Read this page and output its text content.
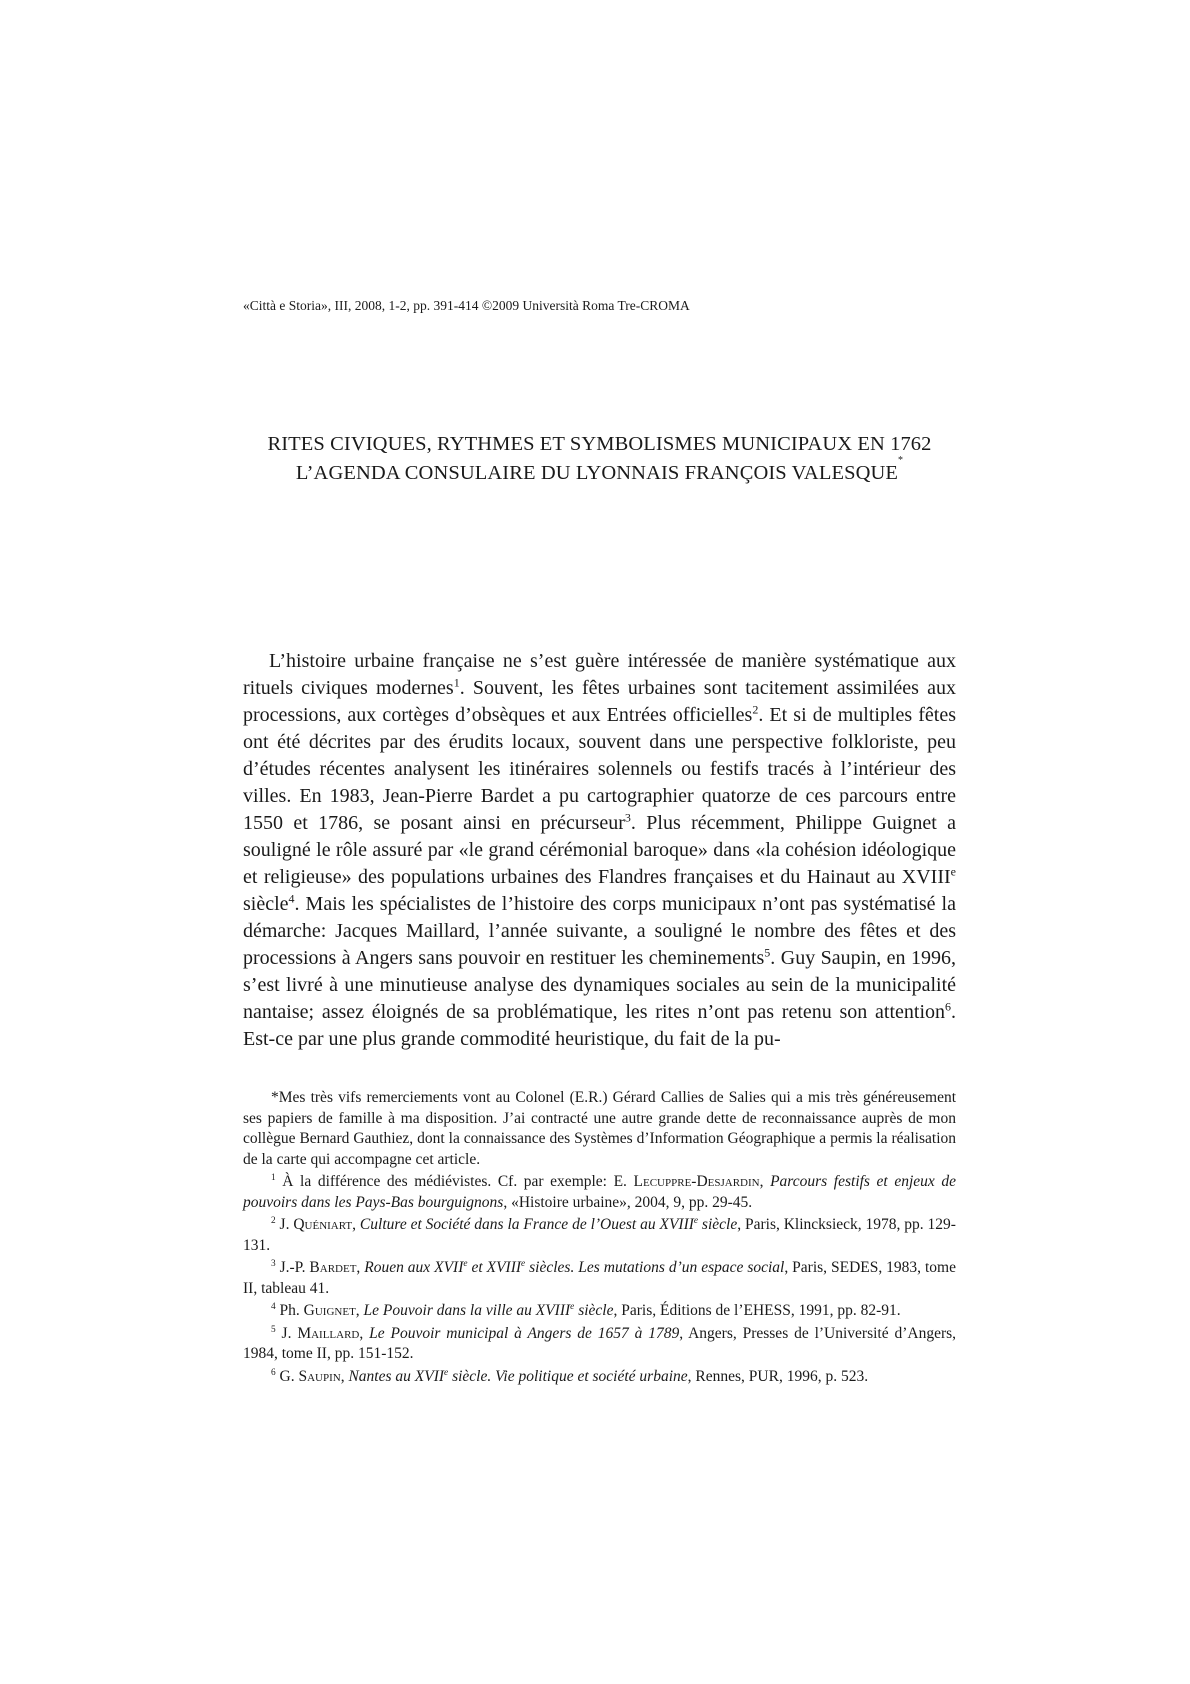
«Città e Storia», III, 2008, 1-2, pp. 391-414 ©2009 Università Roma Tre-CROMA
RITES CIVIQUES, RYTHMES ET SYMBOLISMES MUNICIPAUX EN 1762
L’AGENDA CONSULAIRE DU LYONNAIS FRANÇOIS VALESQUE*

L’histoire urbaine française ne s’est guère intéressée de manière systématique aux rituels civiques modernes$^1$. Souvent, les fêtes urbaines sont tacitement assimilées aux processions, aux cortèges d’obsèques et aux Entrées officielles$^2$. Et si de multiples fêtes ont été décrites par des érudits locaux, souvent dans une perspective folkloriste, peu d’études récentes analysent les itinéraires solennels ou festifs tracés à l’intérieur des villes. En 1983, Jean-Pierre Bardet a pu cartographier quatorze de ces parcours entre 1550 et 1786, se posant ainsi en précurseur$^3$. Plus récemment, Philippe Guignet a souligné le rôle assuré par «le grand cérémonial baroque» dans «la cohésion idéologique et religieuse» des populations urbaines des Flandres françaises et du Hainaut au XVIIIe siècle$^4$. Mais les spécialistes de l’histoire des corps municipaux n’ont pas systématisé la démarche: Jacques Maillard, l’année suivante, a souligné le nombre des fêtes et des processions à Angers sans pouvoir en restituer les cheminements$^5$. Guy Saupin, en 1996, s’est livré à une minutieuse analyse des dynamiques sociales au sein de la municipalité nantaise; assez éloignés de sa problématique, les rites n’ont pas retenu son attention$^6$. Est-ce par une plus grande commodité heuristique, du fait de la pu-

*Mes très vifs remerciements vont au Colonel (E.R.) Gérard Callies de Salies qui a mis très généreusement ses papiers de famille à ma disposition. J’ai contracté une autre grande dette de reconnaissance auprès de mon collègue Bernard Gauthiez, dont la connaissance des Systèmes d’Information Géographique a permis la réalisation de la carte qui accompagne cet article.

$^1$ À la différence des médiévistes. Cf. par exemple: E. Lecuppre-Desjardin, Parcours festifs et enjeux de pouvoirs dans les Pays-Bas bourguignons, «Histoire urbaine», 2004, 9, pp. 29-45.

$^2$ J. Quéniart, Culture et Société dans la France de l’Ouest au XVIIIe siècle, Paris, Klincksieck, 1978, pp. 129-131.

$^3$ J.-P. Bardet, Rouen aux XVIIe et XVIIIe siècles. Les mutations d’un espace social, Paris, SEDES, 1983, tome II, tableau 41.

$^4$ Ph. Guignet, Le Pouvoir dans la ville au XVIIIe siècle, Paris, Éditions de l’EHESS, 1991, pp. 82-91.

$^5$ J. Maillard, Le Pouvoir municipal à Angers de 1657 à 1789, Angers, Presses de l’Université d’Angers, 1984, tome II, pp. 151-152.

$^6$ G. Saupin, Nantes au XVIIe siècle. Vie politique et société urbaine, Rennes, PUR, 1996, p. 523.
